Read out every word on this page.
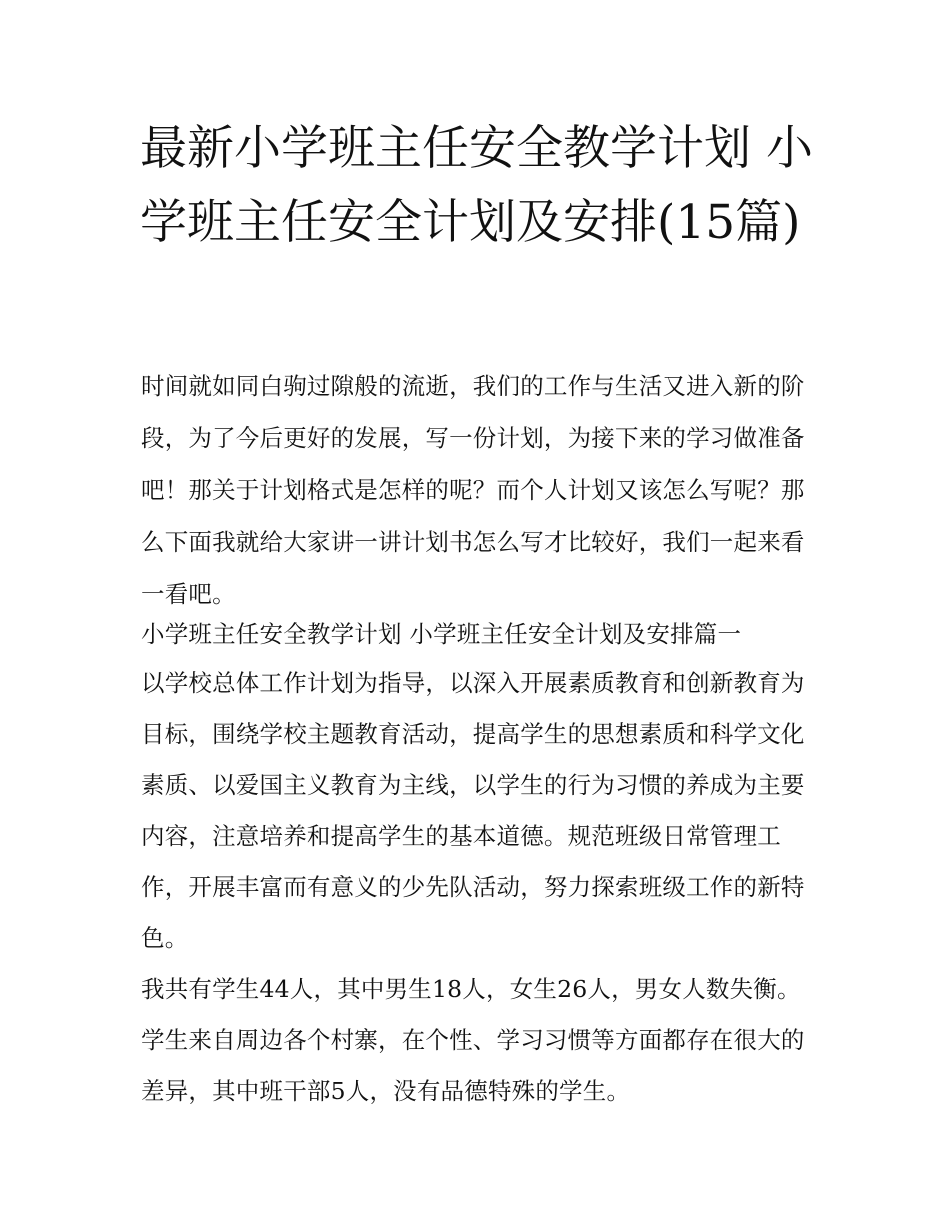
最新小学班主任安全教学计划 小学班主任安全计划及安排(15篇)

时间就如同白驹过隙般的流逝，我们的工作与生活又进入新的阶段，为了今后更好的发展，写一份计划，为接下来的学习做准备吧！那关于计划格式是怎样的呢？而个人计划又该怎么写呢？那么下面我就给大家讲一讲计划书怎么写才比较好，我们一起来看一看吧。

小学班主任安全教学计划 小学班主任安全计划及安排篇一

以学校总体工作计划为指导，以深入开展素质教育和创新教育为目标，围绕学校主题教育活动，提高学生的思想素质和科学文化素质、以爱国主义教育为主线，以学生的行为习惯的养成为主要内容，注意培养和提高学生的基本道德。规范班级日常管理工作，开展丰富而有意义的少先队活动，努力探索班级工作的新特色。

我共有学生44人，其中男生18人，女生26人，男女人数失衡。学生来自周边各个村寨，在个性、学习习惯等方面都存在很大的差异，其中班干部5人，没有品德特殊的学生。
